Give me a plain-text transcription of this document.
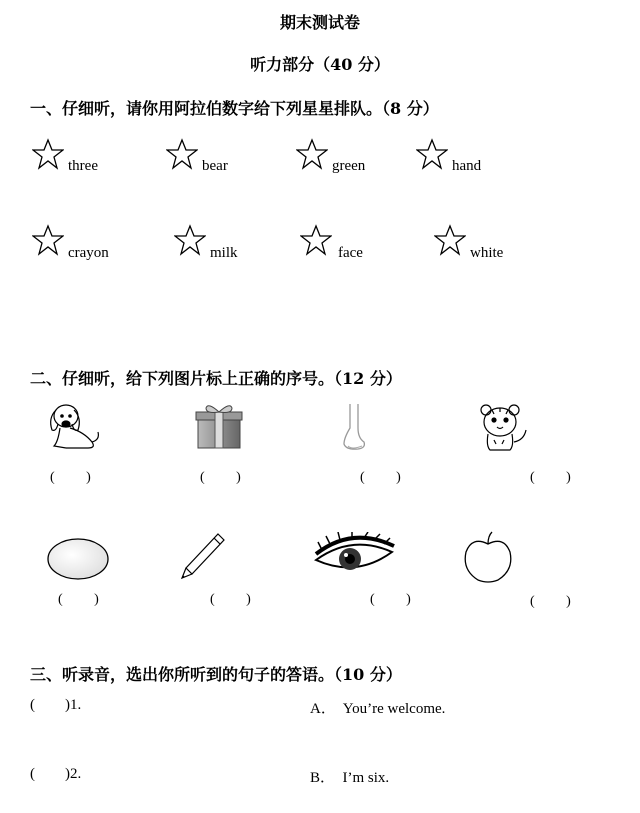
期末测试卷
听力部分（40 分）
一、仔细听，请你用阿拉伯数字给下列星星排队。（8 分）
three	bear	green	hand
crayon	milk	face	white
二、仔细听，给下列图片标上正确的序号。（12 分）
(         )	(         )	(         )	(         )
(         )	(         )	(         )	(         )
三、听录音，选出你所听到的句子的答语。（10 分）
(        )1.	A．  You’re welcome.
(        )2.	B．  I’m six.
